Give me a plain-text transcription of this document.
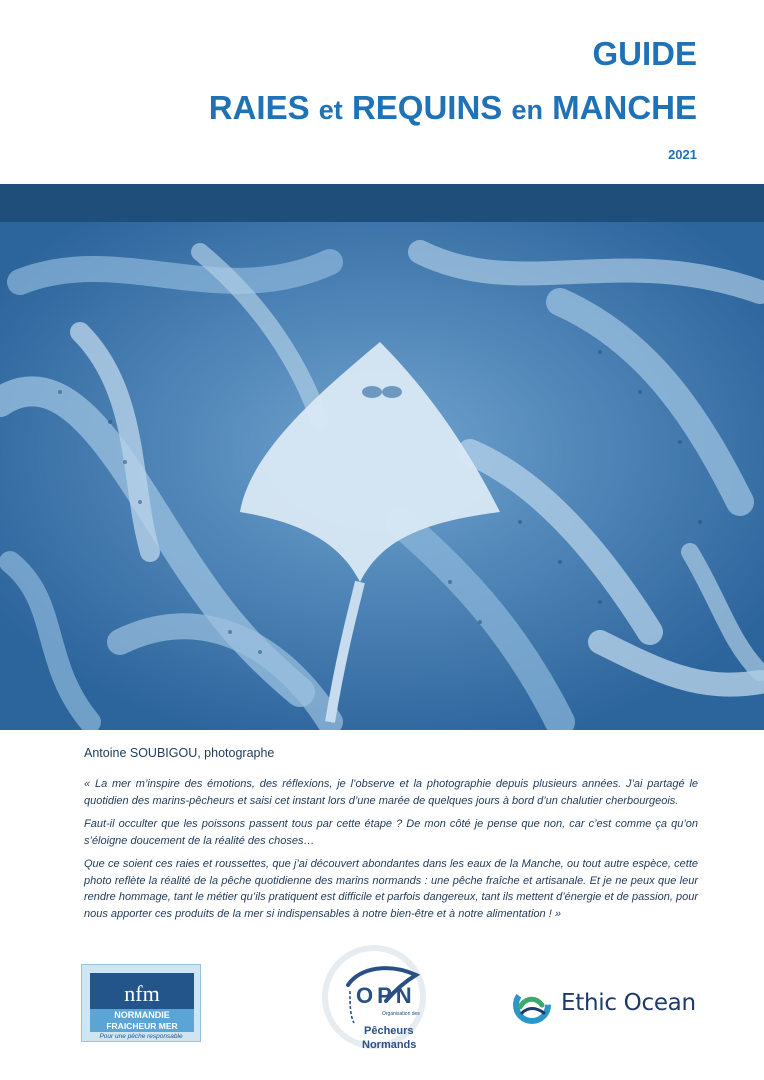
GUIDE
RAIES et REQUINS en MANCHE
2021
Antoine SOUBIGOU, photographe

« La mer m’inspire des émotions, des réflexions, je l’observe et la photographie depuis plusieurs années. J’ai partagé le quotidien des marins-pêcheurs et saisi cet instant lors d’une marée de quelques jours à bord d’un chalutier cherbourgeois.

Faut-il occulter que les poissons passent tous par cette étape ? De mon côté je pense que non, car c’est comme ça qu’on s’éloigne doucement de la réalité des choses…

Que ce soient ces raies et roussettes, que j’ai découvert abondantes dans les eaux de la Manche, ou tout autre espèce, cette photo reflète la réalité de la pêche quotidienne des marins normands : une pêche fraîche et artisanale. Et je ne peux que leur rendre hommage, tant le métier qu’ils pratiquent est difficile et parfois dangereux, tant ils mettent d’énergie et de passion, pour nous apporter ces produits de la mer si indispensables à notre bien-être et à notre alimentation ! »

nfm
NORMANDIE
FRAICHEUR MER
Pour une pêche responsable
OPN
Organisation des
Pêcheurs
Normands
Ethic Ocean
